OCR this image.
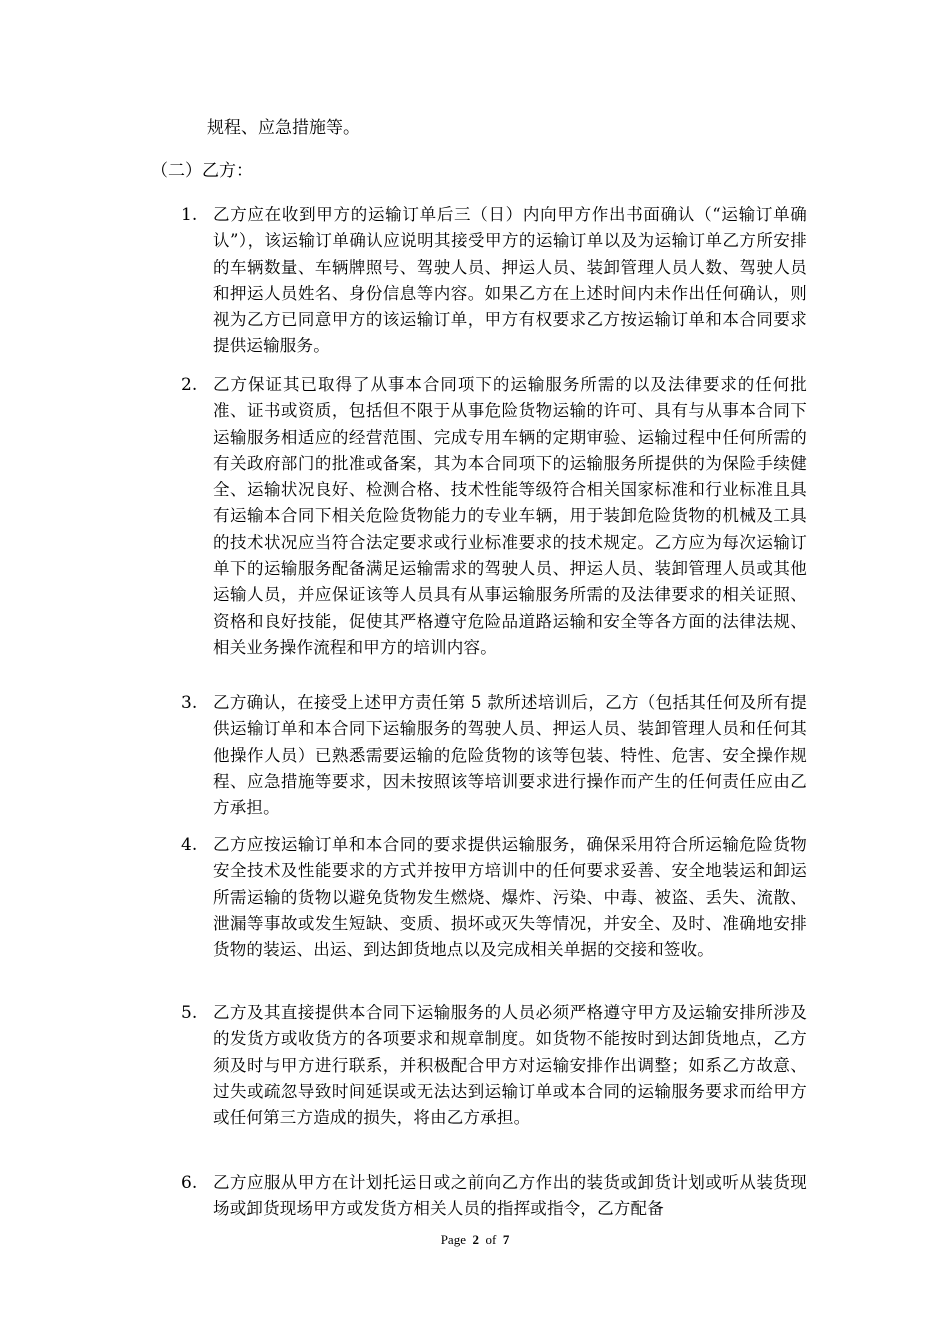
规程、应急措施等。
（二）乙方：
1. 乙方应在收到甲方的运输订单后三（日）内向甲方作出书面确认（“运输订单确认”），该运输订单确认应说明其接受甲方的运输订单以及为运输订单乙方所安排的车辆数量、车辆牌照号、驾驶人员、押运人员、装卸管理人员人数、驾驶人员和押运人员姓名、身份信息等内容。如果乙方在上述时间内未作出任何确认，则视为乙方已同意甲方的该运输订单，甲方有权要求乙方按运输订单和本合同要求提供运输服务。
2. 乙方保证其已取得了从事本合同项下的运输服务所需的以及法律要求的任何批准、证书或资质，包括但不限于从事危险货物运输的许可、具有与从事本合同下运输服务相适应的经营范围、完成专用车辆的定期审验、运输过程中任何所需的有关政府部门的批准或备案，其为本合同项下的运输服务所提供的为保险手续健全、运输状况良好、检测合格、技术性能等级符合相关国家标准和行业标准且具有运输本合同下相关危险货物能力的专业车辆，用于装卸危险货物的机械及工具的技术状况应当符合法定要求或行业标准要求的技术规定。乙方应为每次运输订单下的运输服务配备满足运输需求的驾驶人员、押运人员、装卸管理人员或其他运输人员，并应保证该等人员具有从事运输服务所需的及法律要求的相关证照、资格和良好技能，促使其严格遵守危险品道路运输和安全等各方面的法律法规、相关业务操作流程和甲方的培训内容。
3. 乙方确认，在接受上述甲方责任第 5 款所述培训后，乙方（包括其任何及所有提供运输订单和本合同下运输服务的驾驶人员、押运人员、装卸管理人员和任何其他操作人员）已熟悉需要运输的危险货物的该等包装、特性、危害、安全操作规程、应急措施等要求，因未按照该等培训要求进行操作而产生的任何责任应由乙方承担。
4. 乙方应按运输订单和本合同的要求提供运输服务，确保采用符合所运输危险货物安全技术及性能要求的方式并按甲方培训中的任何要求妥善、安全地装运和卸运所需运输的货物以避免货物发生燃烧、爆炸、污染、中毒、被盗、丢失、流散、泄漏等事故或发生短缺、变质、损坏或灭失等情况，并安全、及时、准确地安排货物的装运、出运、到达卸货地点以及完成相关单据的交接和签收。
5. 乙方及其直接提供本合同下运输服务的人员必须严格遵守甲方及运输安排所涉及的发货方或收货方的各项要求和规章制度。如货物不能按时到达卸货地点，乙方须及时与甲方进行联系，并积极配合甲方对运输安排作出调整；如系乙方故意、过失或疏忽导致时间延误或无法达到运输订单或本合同的运输服务要求而给甲方或任何第三方造成的损失，将由乙方承担。
6. 乙方应服从甲方在计划托运日或之前向乙方作出的装货或卸货计划或听从装货现场或卸货现场甲方或发货方相关人员的指挥或指令，乙方配备
Page 2 of 7
